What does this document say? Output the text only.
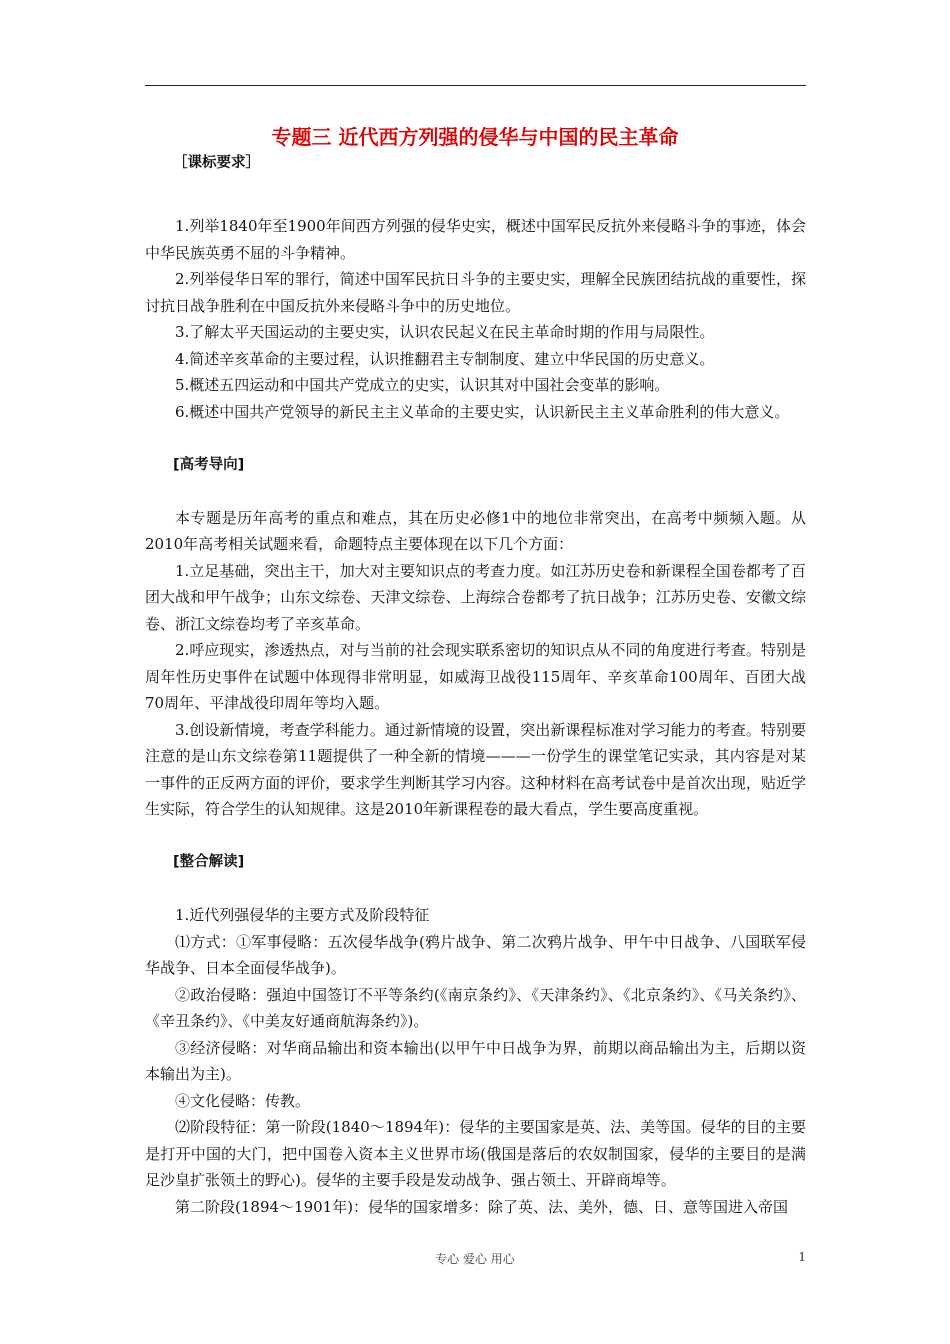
专题三 近代西方列强的侵华与中国的民主革命

［课标要求］

1.列举1840年至1900年间西方列强的侵华史实，概述中国军民反抗外来侵略斗争的事迹，体会中华民族英勇不屈的斗争精神。

2.列举侵华日军的罪行，简述中国军民抗日斗争的主要史实，理解全民族团结抗战的重要性，探讨抗日战争胜利在中国反抗外来侵略斗争中的历史地位。

3.了解太平天国运动的主要史实，认识农民起义在民主革命时期的作用与局限性。

4.简述辛亥革命的主要过程，认识推翻君主专制制度、建立中华民国的历史意义。

5.概述五四运动和中国共产党成立的史实，认识其对中国社会变革的影响。

6.概述中国共产党领导的新民主主义革命的主要史实，认识新民主主义革命胜利的伟大意义。

[高考导向]

本专题是历年高考的重点和难点，其在历史必修1中的地位非常突出，在高考中频频入题。从2010年高考相关试题来看，命题特点主要体现在以下几个方面：

1.立足基础，突出主干，加大对主要知识点的考查力度。如江苏历史卷和新课程全国卷都考了百团大战和甲午战争；山东文综卷、天津文综卷、上海综合卷都考了抗日战争；江苏历史卷、安徽文综卷、浙江文综卷均考了辛亥革命。

2.呼应现实，渗透热点，对与当前的社会现实联系密切的知识点从不同的角度进行考查。特别是周年性历史事件在试题中体现得非常明显，如威海卫战役115周年、辛亥革命100周年、百团大战70周年、平津战役印周年等均入题。

3.创设新情境，考查学科能力。通过新情境的设置，突出新课程标准对学习能力的考查。特别要注意的是山东文综卷第11题提供了一种全新的情境———一份学生的课堂笔记实录，其内容是对某一事件的正反两方面的评价，要求学生判断其学习内容。这种材料在高考试卷中是首次出现，贴近学生实际，符合学生的认知规律。这是2010年新课程卷的最大看点，学生要高度重视。

[整合解读]

1.近代列强侵华的主要方式及阶段特征

⑴方式：①军事侵略：五次侵华战争(鸦片战争、第二次鸦片战争、甲午中日战争、八国联军侵华战争、日本全面侵华战争)。

②政治侵略：强迫中国签订不平等条约(《南京条约》、《天津条约》、《北京条约》、《马关条约》、《辛丑条约》、《中美友好通商航海条约》)。

③经济侵略：对华商品输出和资本输出(以甲午中日战争为界，前期以商品输出为主，后期以资本输出为主)。

④文化侵略：传教。

⑵阶段特征：第一阶段(1840～1894年)：侵华的主要国家是英、法、美等国。侵华的目的主要是打开中国的大门，把中国卷入资本主义世界市场(俄国是落后的农奴制国家，侵华的主要目的是满足沙皇扩张领土的野心)。侵华的主要手段是发动战争、强占领土、开辟商埠等。

第二阶段(1894～1901年)：侵华的国家增多：除了英、法、美外，德、日、意等国进入帝国

专心 爱心 用心	1
